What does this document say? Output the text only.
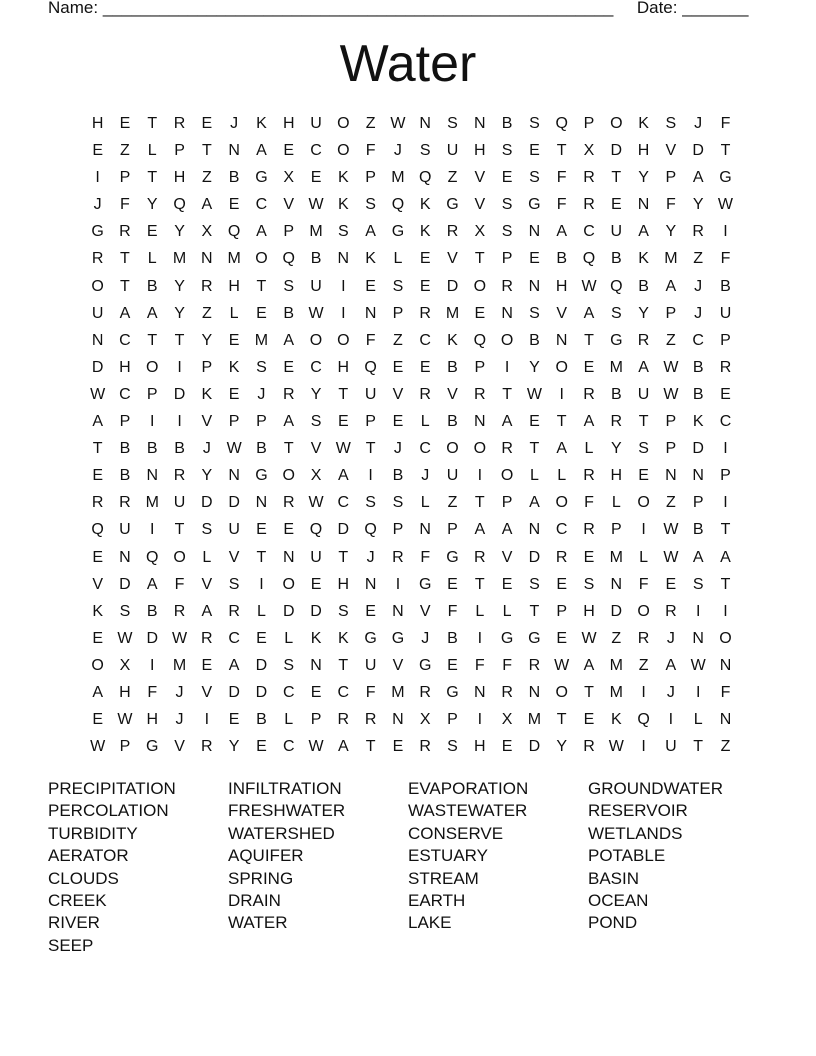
Name: ______________________________________________________ Date: _______
Water
H	E	T	R	E	J	K	H U O	Z W N	S	N	B	S Q P O K	S	J	F
E	Z	L	P	T	N	A	E	C O	F	J	S	U H	S	E	T	X	D H	V	D	T
I	P	T	H	Z	B G X	E	K	P M Q	Z	V	E	S	F	R	T	Y	P	A G
J	F	Y Q A	E	C	V W K	S Q K G V	S G	F	R	E	N	F	Y W
G R	E	Y	X Q A	P M S	A G K	R	X	S	N	A	C U	A	Y	R	I
R	T	L	M N M O Q B	N	K	L	E	V	T	P	E	B Q B	K M Z	F
O	T	B	Y	R H	T	S	U	I	E	S	E	D O R N H W Q B	A	J	B
U	A	A	Y	Z	L	E	B W	I	N	P	R M E	N	S	V	A	S	Y	P	J	U
N C	T	T	Y	E M A O O	F	Z	C	K Q O B	N	T	G R	Z	C	P
D H O	I	P	K	S	E	C H Q E	E	B	P	I	Y O E M A W B	R
W C	P	D	K	E	J	R	Y	T	U	V	R	V	R	T W	I	R	B	U W B	E
A	P	I	I	V	P	P	A	S	E	P	E	L	B	N	A	E	T	A	R	T	P	K	C
T	B	B	B	J W B	T	V W T	J	C O O R	T	A	L	Y	S	P	D	I
E	B	N R	Y	N G O X	A	I	B	J	U	I	O	L	L	R H	E	N N	P
R R M U D D N R W C	S	S	L	Z	T	P	A O	F	L	O	Z	P	I
Q U	I	T	S	U	E	E Q D Q P	N	P	A	A	N C R	P	I	W B	T
E	N Q O	L	V	T	N U	T	J	R	F	G R	V	D R	E M	L W A	A
V	D	A	F	V	S	I	O E	H N	I	G E	T	E	S	E	S	N	F	E	S	T
K	S	B	R	A	R	L	D D	S	E	N	V	F	L	L	T	P	H D O R	I	I
E W D W R C	E	L	K	K G G	J	B	I	G G E W Z	R	J	N O
O X	I	M E	A	D	S	N	T	U	V G E	F	F	R W A M Z	A W N
A	H	F	J	V	D D C	E	C	F M R G N R N O	T M	I	J	I	F
E W H	J	I	E	B	L	P	R R N	X	P	I	X M T	E	K Q	I	L	N
W P G V	R	Y	E	C W A	T	E	R	S	H	E	D	Y	R W	I	U	T	Z
PRECIPITATION	INFILTRATION	EVAPORATION	GROUNDWATER
PERCOLATION	FRESHWATER	WASTEWATER	RESERVOIR
TURBIDITY	WATERSHED	CONSERVE	WETLANDS
AERATOR	AQUIFER	ESTUARY	POTABLE
CLOUDS	SPRING	STREAM	BASIN
CREEK	DRAIN	EARTH	OCEAN
RIVER	WATER	LAKE	POND
SEEP
